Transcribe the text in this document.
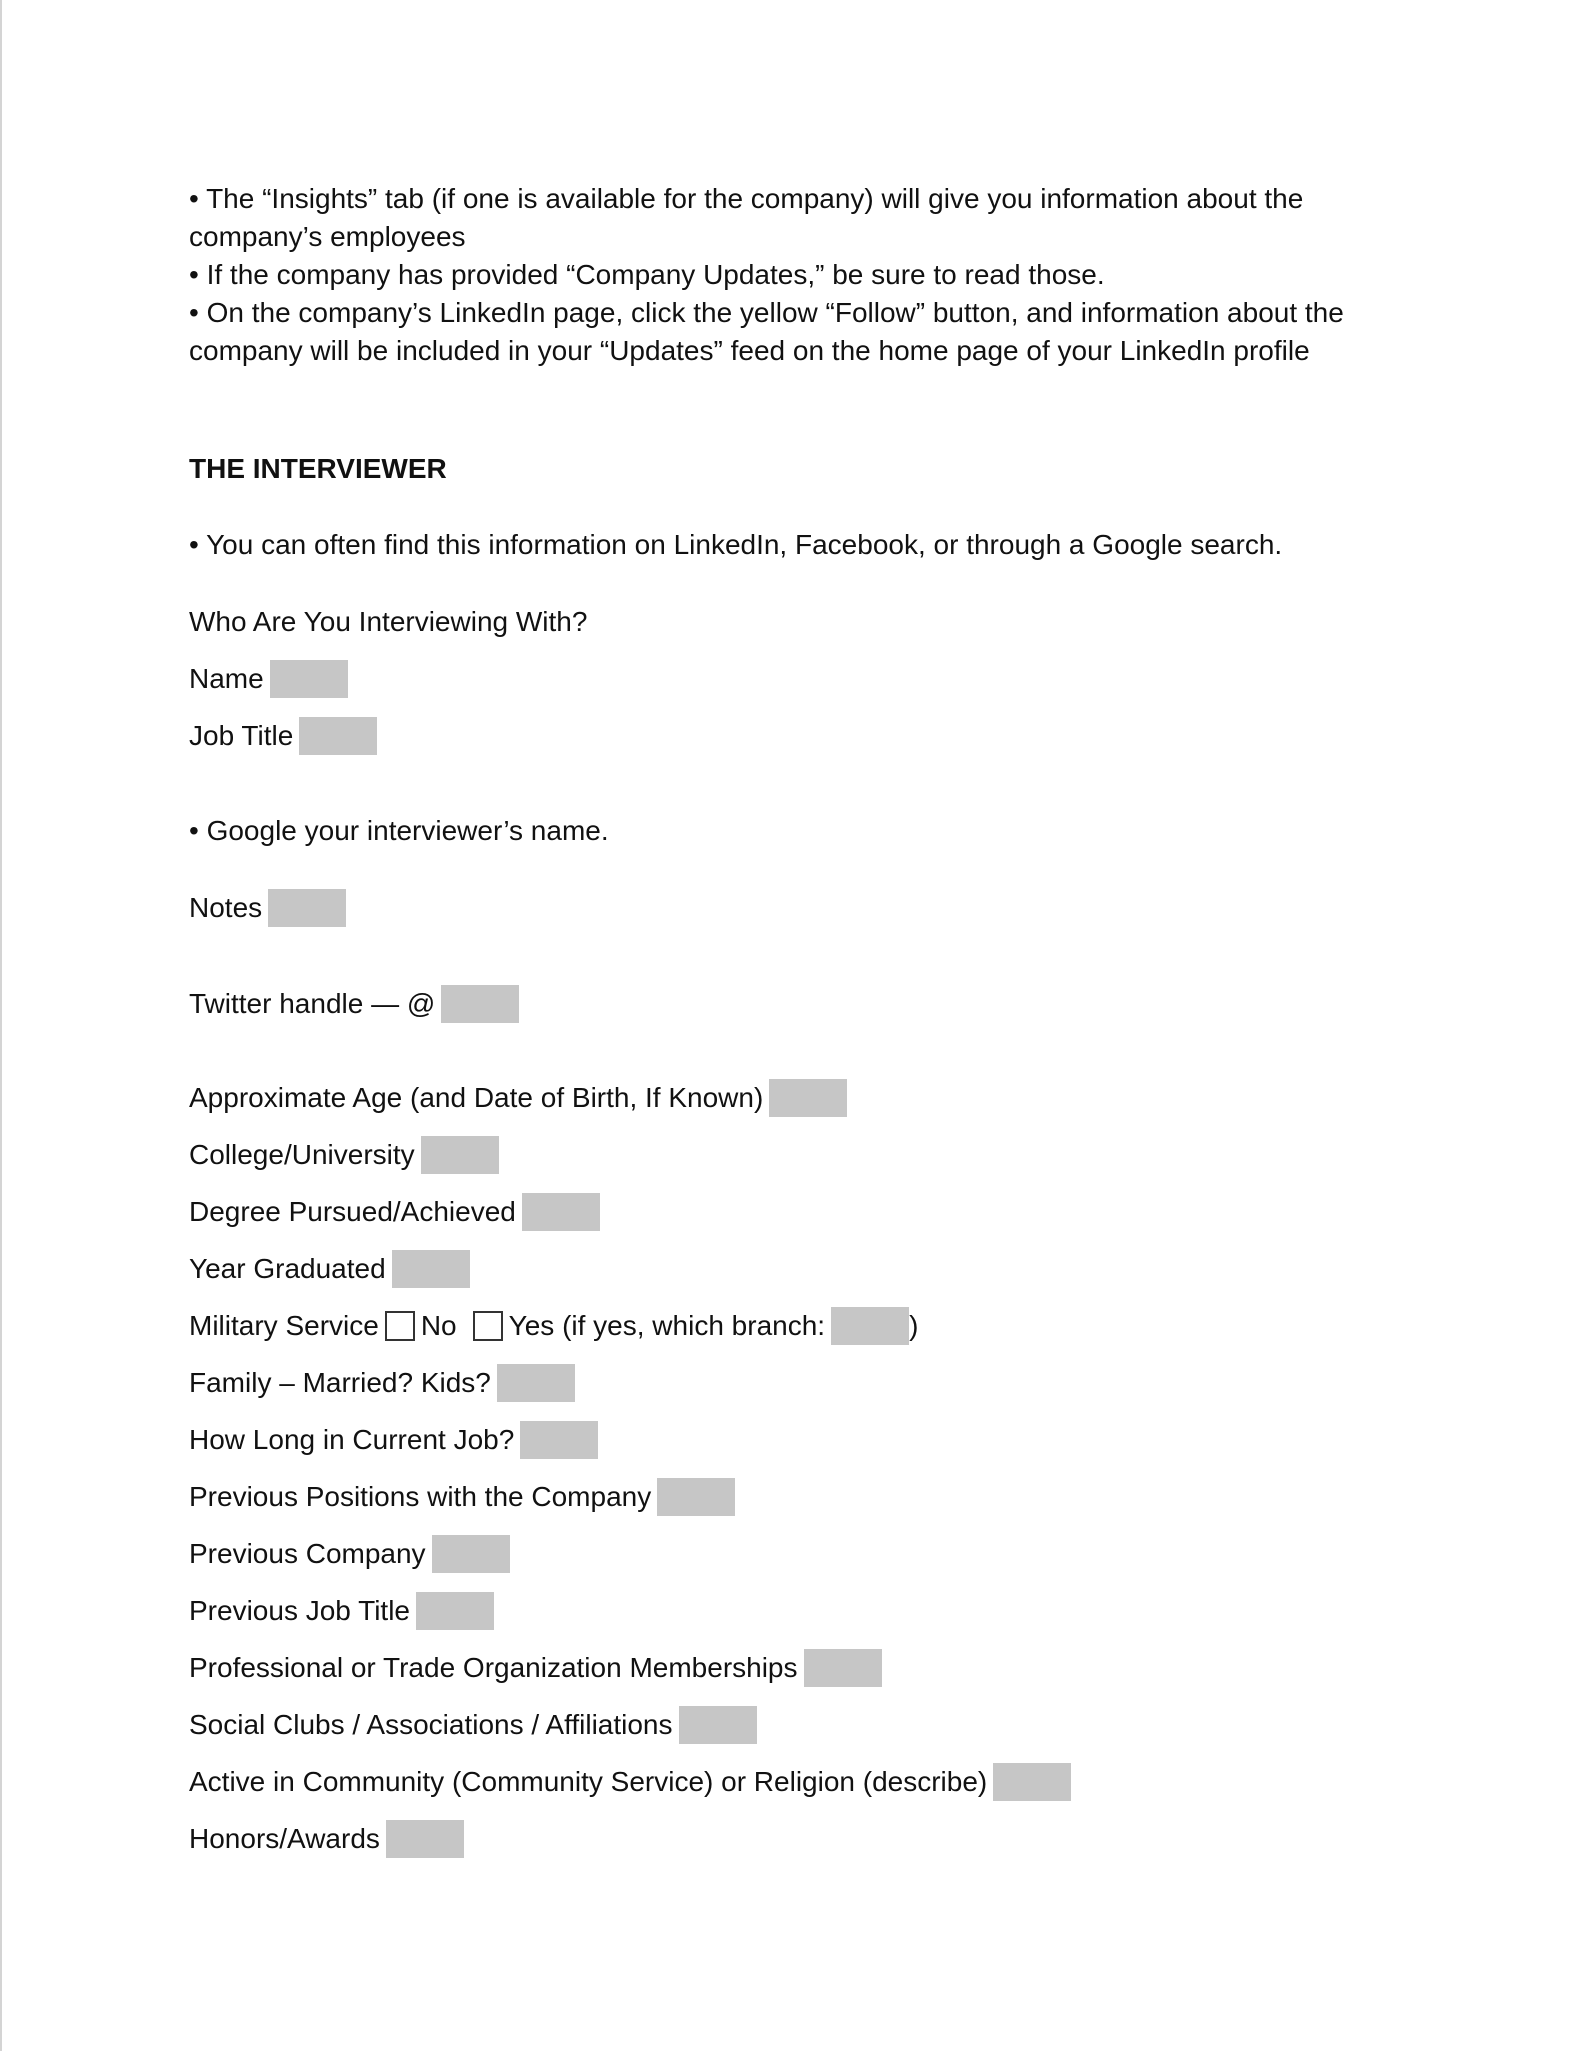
• The “Insights” tab (if one is available for the company) will give you information about the

company’s employees

• If the company has provided “Company Updates,” be sure to read those.

• On the company’s LinkedIn page, click the yellow “Follow” button, and information about the

company will be included in your “Updates” feed on the home page of your LinkedIn profile

THE INTERVIEWER
• You can often find this information on LinkedIn, Facebook, or through a Google search.
Who Are You Interviewing With?
Name
Job Title
• Google your interviewer’s name.
Notes
Twitter handle — @
Approximate Age (and Date of Birth, If Known)
College/University
Degree Pursued/Achieved
Year Graduated
Military Service No Yes (if yes, which branch:	)
Family – Married? Kids?
How Long in Current Job?
Previous Positions with the Company
Previous Company
Previous Job Title
Professional or Trade Organization Memberships
Social Clubs / Associations / Affiliations
Active in Community (Community Service) or Religion (describe)
Honors/Awards
